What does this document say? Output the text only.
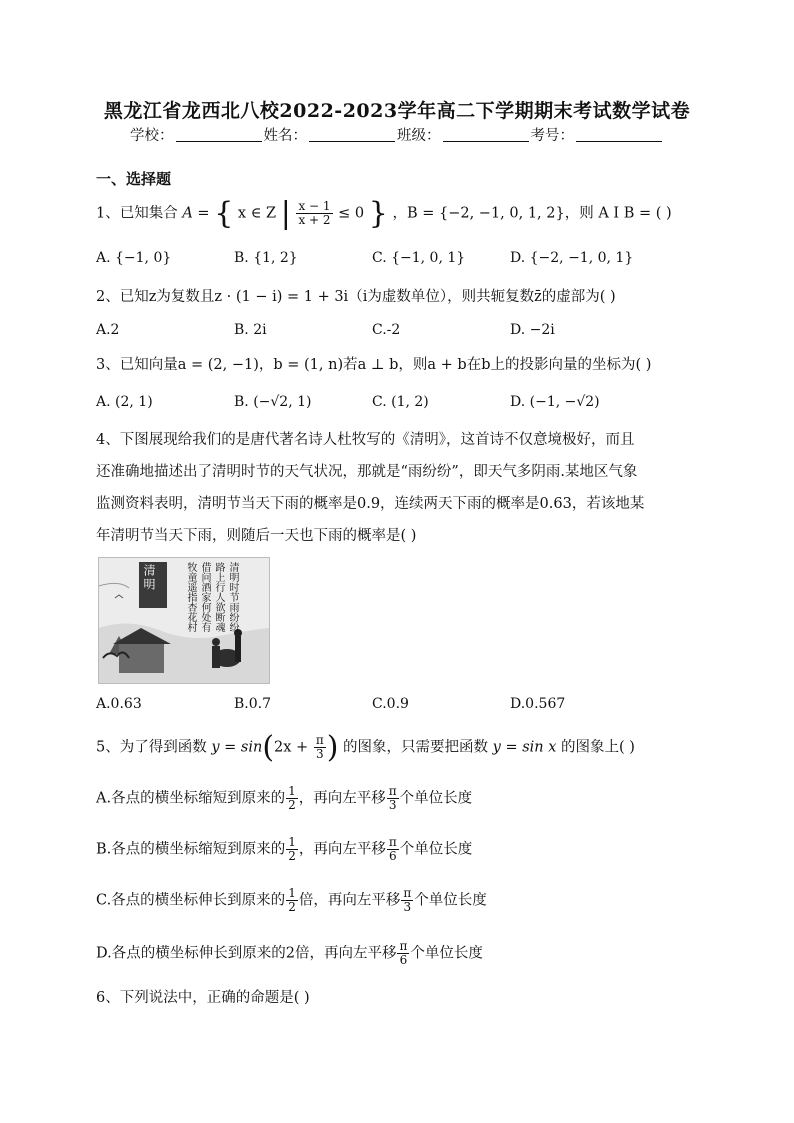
黑龙江省龙西北八校2022-2023学年高二下学期期末考试数学试卷
学校：	姓名：	班级：	考号：
一、选择题
1、已知集合 A = { x ∈ Z | $\frac{x - 1}{x + 2} \le 0$ } ，B = {−2, −1, 0, 1, 2}，则 A I B = ( )
A. {−1, 0}	B. {1, 2}	C. {−1, 0, 1}	D. {−2, −1, 0, 1}
2、已知z为复数且z · (1 − i) = 1 + 3i（i为虚数单位），则共轭复数z̄的虚部为( )
A.2	B. 2i	C.-2	D. −2i
3、已知向量a = (2, −1)，b = (1, n)若a ⊥ b，则a + b在b上的投影向量的坐标为( )
A. (2, 1)	B. (−√2, 1)	C. (1, 2)	D. (−1, −√2)
4、下图展现给我们的是唐代著名诗人杜牧写的《清明》，这首诗不仅意境极好，而且
还准确地描述出了清明时节的天气状况，那就是“雨纷纷”，即天气多阴雨.某地区气象
监测资料表明，清明节当天下雨的概率是0.9，连续两天下雨的概率是0.63，若该地某
年清明节当天下雨，则随后一天也下雨的概率是( )
清明	清明时节雨纷纷
路上行人欲断魂
借问酒家何处有
牧童遥指杏花村
A.0.63	B.0.7	C.0.9	D.0.567
5、为了得到函数 $y = \sin(2x + \frac{\pi}{3}$ ) 的图象，只需要把函数 y = sin x 的图象上( )
A.各点的横坐标缩短到原来的 $\frac{1}{2}$ ，再向左平移 $\frac{\pi}{3}$ 个单位长度
B.各点的横坐标缩短到原来的 $\frac{1}{2}$ ，再向左平移 $\frac{\pi}{6}$ 个单位长度
C.各点的横坐标伸长到原来的 $\frac{1}{2}$ 倍，再向左平移 $\frac{\pi}{3}$ 个单位长度
D.各点的横坐标伸长到原来的2倍，再向左平移 $\frac{\pi}{6}$ 个单位长度
6、下列说法中，正确的命题是( )
